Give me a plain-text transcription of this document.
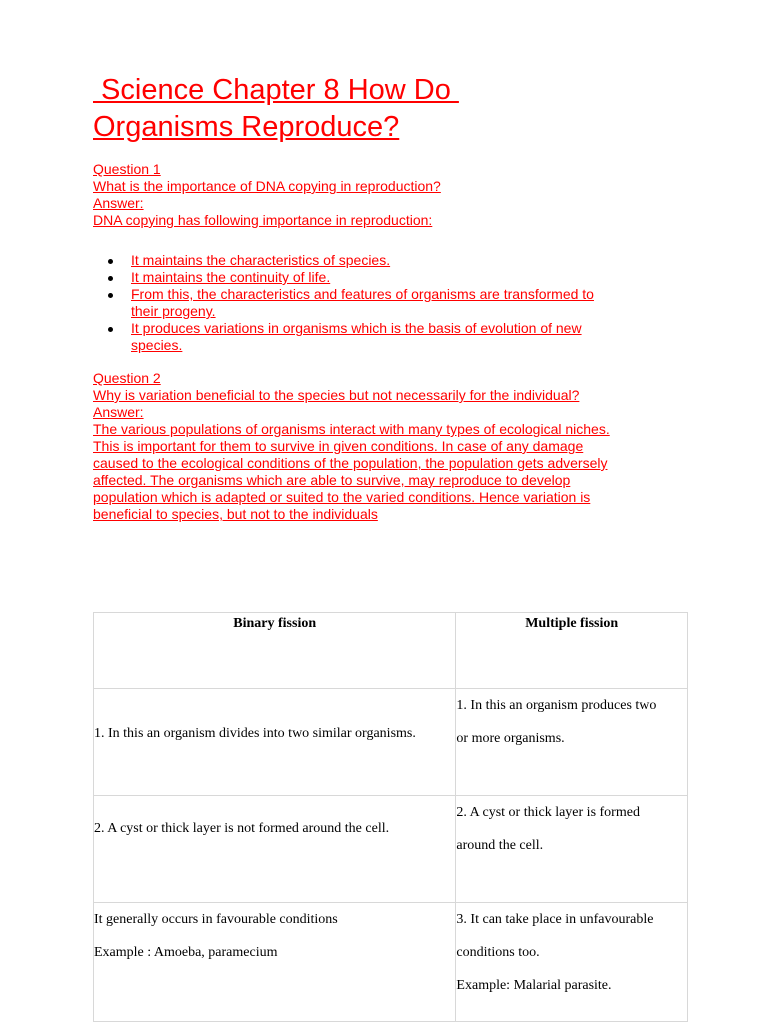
Science Chapter 8 How Do
Organisms Reproduce?
Question 1
What is the importance of DNA copying in reproduction?
Answer:
DNA copying has following importance in reproduction:
It maintains the characteristics of species.
It maintains the continuity of life.
From this, the characteristics and features of organisms are transformed to
their progeny.
It produces variations in organisms which is the basis of evolution of new
species.
Question 2
Why is variation beneficial to the species but not necessarily for the individual?
Answer:
The various populations of organisms interact with many types of ecological niches.
This is important for them to survive in given conditions. In case of any damage
caused to the ecological conditions of the population, the population gets adversely
affected. The organisms which are able to survive, may reproduce to develop
population which is adapted or suited to the varied conditions. Hence variation is
beneficial to species, but not to the individuals
Binary fission	Multiple fission

1. In this an organism divides into two similar organisms.	1. In this an organism produces two
or more organisms.

2. A cyst or thick layer is not formed around the cell.	2. A cyst or thick layer is formed
around the cell.

It generally occurs in favourable conditions
Example : Amoeba, paramecium	3. It can take place in unfavourable
conditions too.
Example: Malarial parasite.
